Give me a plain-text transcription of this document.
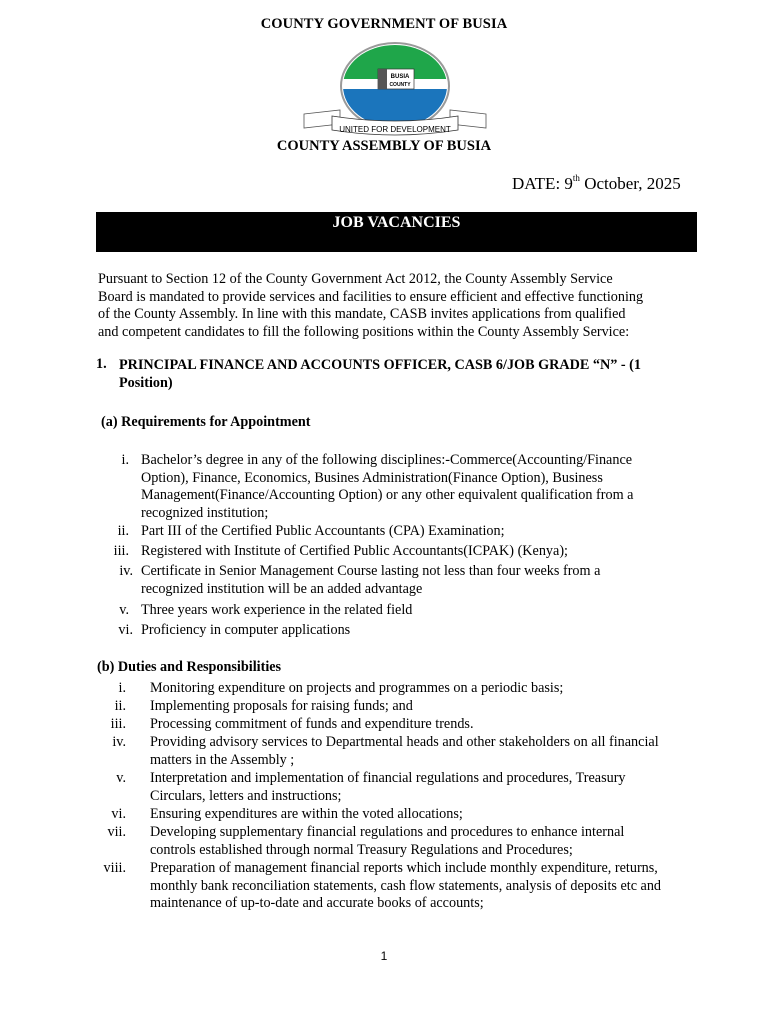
COUNTY GOVERNMENT OF BUSIA
BUSIA
COUNTY
UNITED FOR DEVELOPMENT
COUNTY ASSEMBLY OF BUSIA
DATE: 9th October, 2025
JOB VACANCIES
Pursuant to Section 12 of the County Government Act 2012, the County Assembly Service
Board is mandated to provide services and facilities to ensure efficient and effective functioning
of the County Assembly. In line with this mandate, CASB invites applications from qualified
and competent candidates to fill the following positions within the County Assembly Service:
1. PRINCIPAL FINANCE AND ACCOUNTS OFFICER, CASB 6/JOB GRADE “N” - (1
Position)
(a) Requirements for Appointment
i. Bachelor’s degree in any of the following disciplines:-Commerce(Accounting/Finance
Option), Finance, Economics, Busines Administration(Finance Option), Business
Management(Finance/Accounting Option) or any other equivalent qualification from a
recognized institution;
ii. Part III of the Certified Public Accountants (CPA) Examination;
iii. Registered with Institute of Certified Public Accountants(ICPAK) (Kenya);
iv. Certificate in Senior Management Course lasting not less than four weeks from a
recognized institution will be an added advantage
v. Three years work experience in the related field
vi. Proficiency in computer applications
(b) Duties and Responsibilities
i. Monitoring expenditure on projects and programmes on a periodic basis;
ii. Implementing proposals for raising funds; and
iii. Processing commitment of funds and expenditure trends.
iv. Providing advisory services to Departmental heads and other stakeholders on all financial
matters in the Assembly ;
v. Interpretation and implementation of financial regulations and procedures, Treasury
Circulars, letters and instructions;
vi. Ensuring expenditures are within the voted allocations;
vii. Developing supplementary financial regulations and procedures to enhance internal
controls established through normal Treasury Regulations and Procedures;
viii. Preparation of management financial reports which include monthly expenditure, returns,
monthly bank reconciliation statements, cash flow statements, analysis of deposits etc and
maintenance of up-to-date and accurate books of accounts;
1
